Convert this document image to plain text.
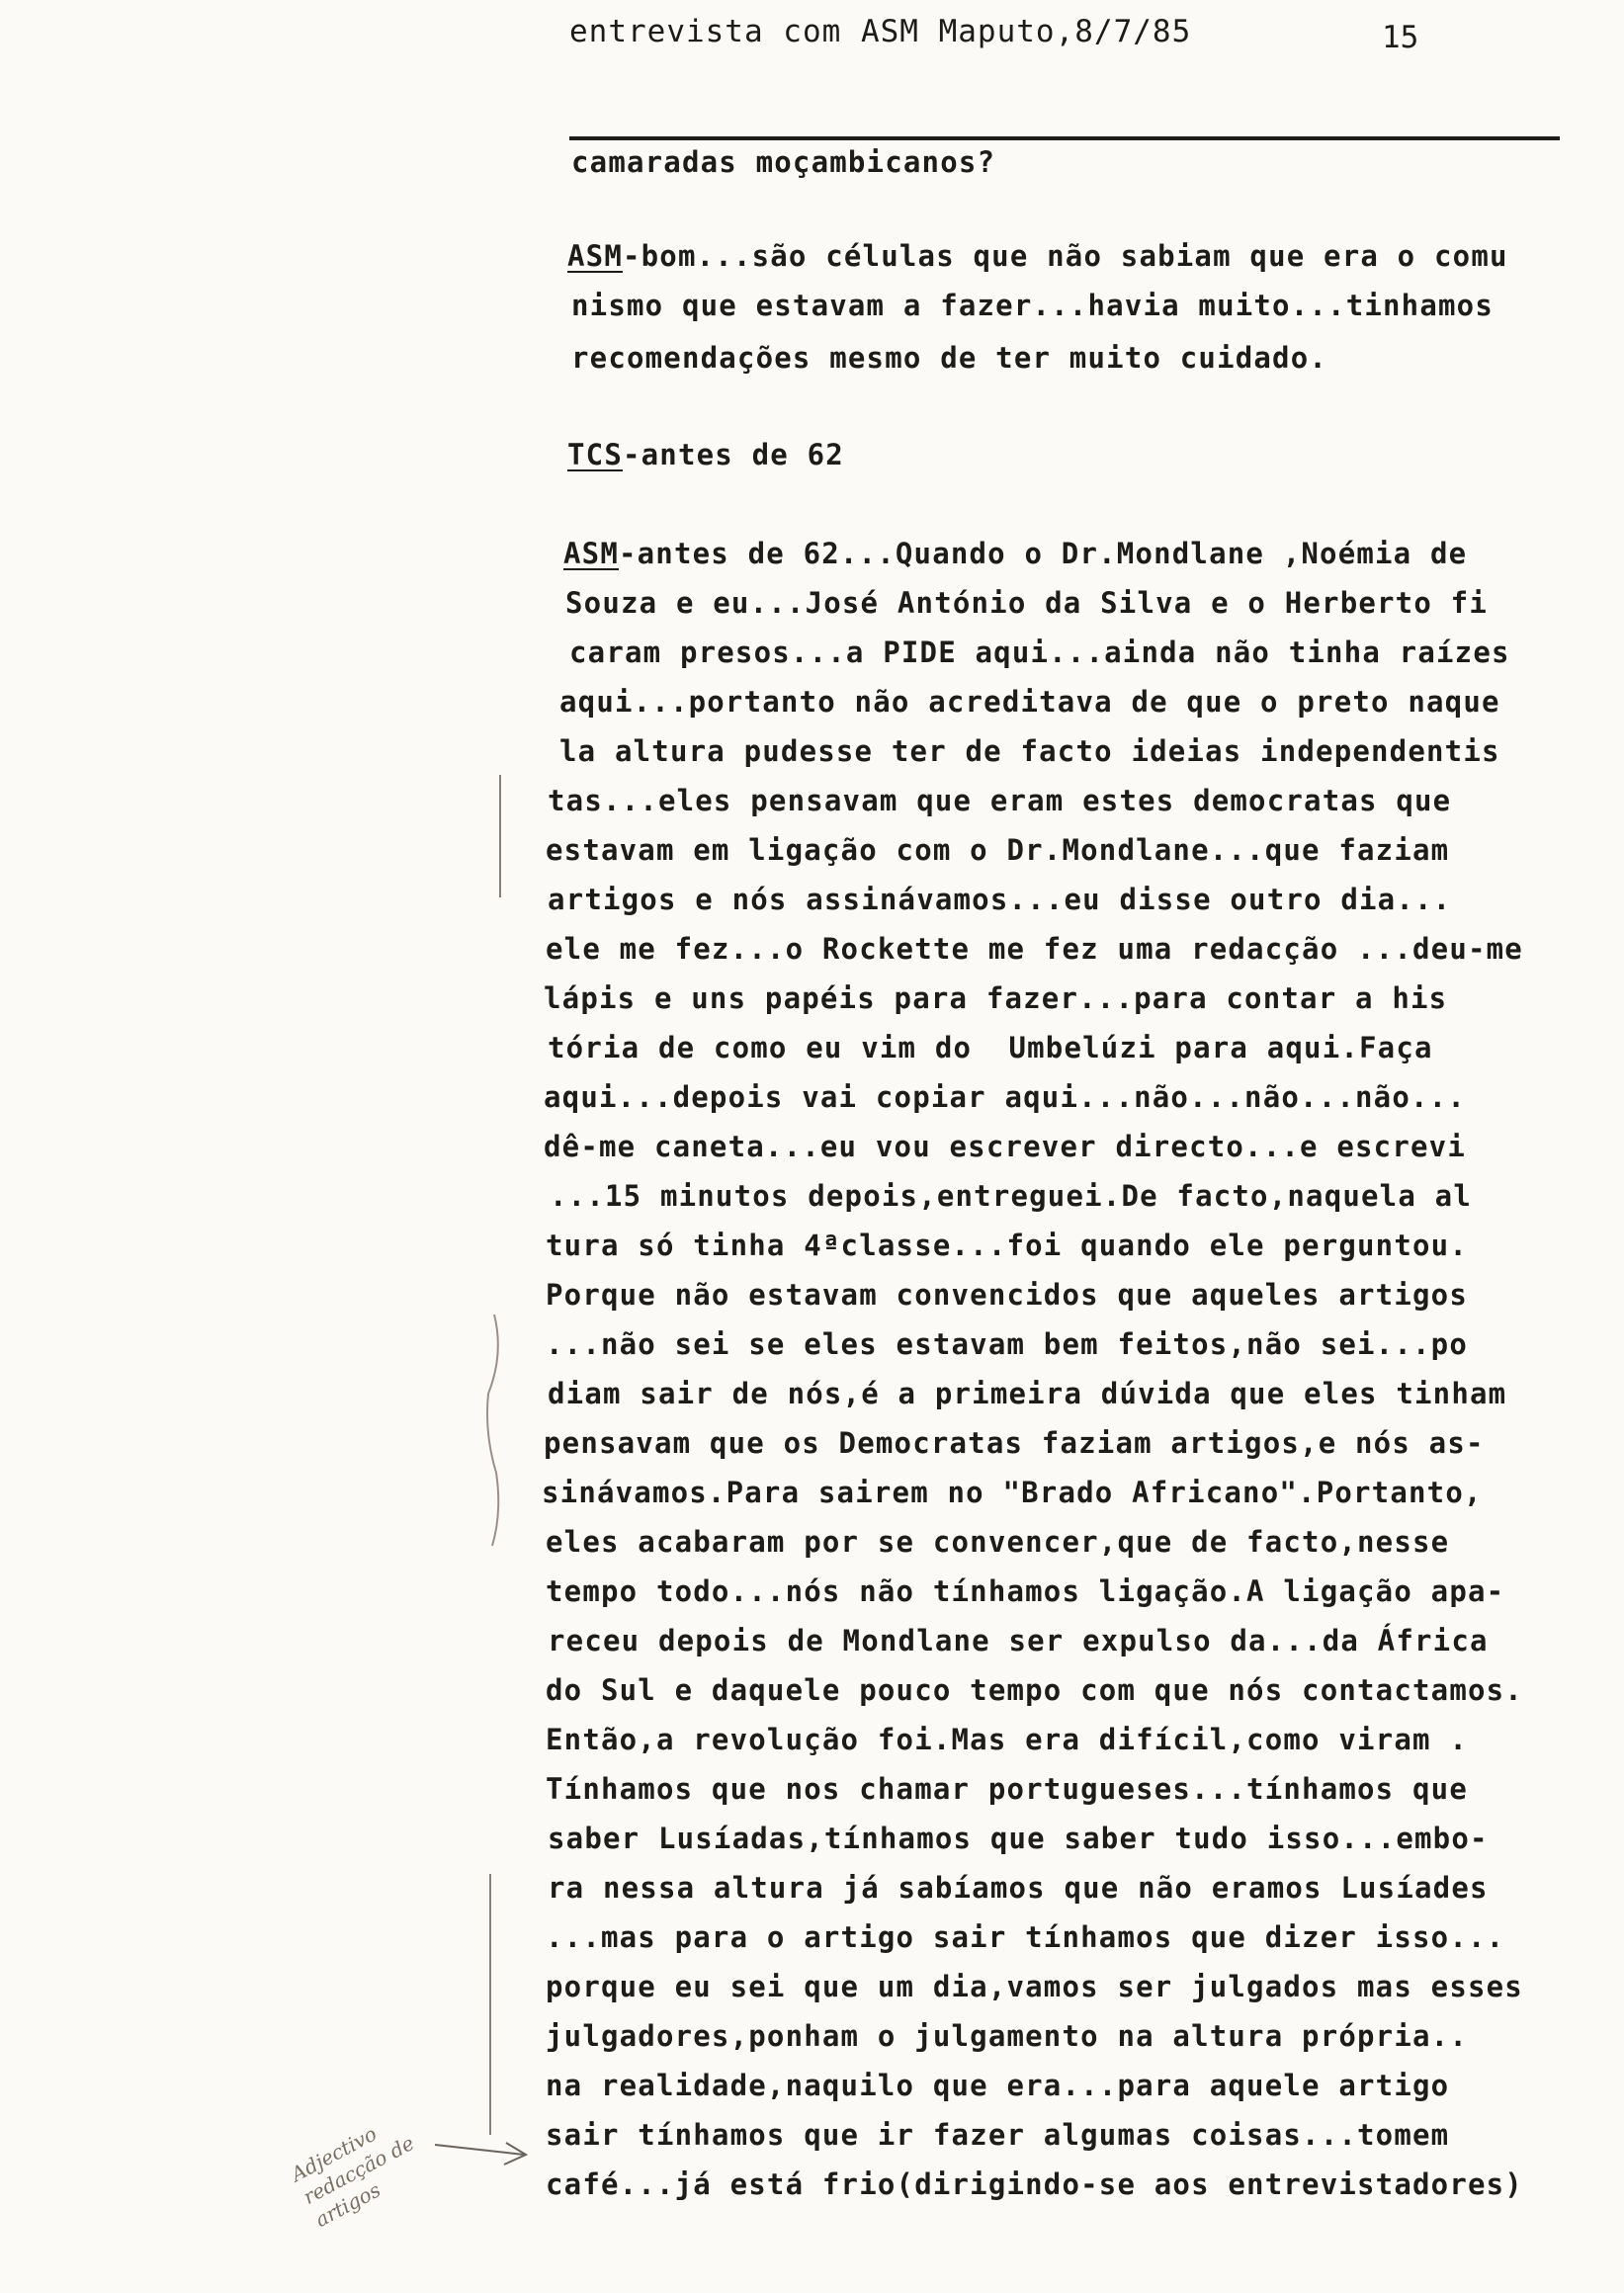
entrevista com ASM Maputo,8/7/85	15
camaradas moçambicanos?
ASM-bom...são células que não sabiam que era o comu
nismo que estavam a fazer...havia muito...tinhamos
recomendações mesmo de ter muito cuidado.
TCS-antes de 62
ASM-antes de 62...Quando o Dr.Mondlane ,Noémia de
Souza e eu...José António da Silva e o Herberto fi
caram presos...a PIDE aqui...ainda não tinha raízes
aqui...portanto não acreditava de que o preto naque
la altura pudesse ter de facto ideias independentis
tas...eles pensavam que eram estes democratas que
estavam em ligação com o Dr.Mondlane...que faziam
artigos e nós assinávamos...eu disse outro dia...
ele me fez...o Rockette me fez uma redacção ...deu-me
lápis e uns papéis para fazer...para contar a his
tória de como eu vim do  Umbelúzi para aqui.Faça
aqui...depois vai copiar aqui...não...não...não...
dê-me caneta...eu vou escrever directo...e escrevi
...15 minutos depois,entreguei.De facto,naquela al
tura só tinha 4ªclasse...foi quando ele perguntou.
Porque não estavam convencidos que aqueles artigos
...não sei se eles estavam bem feitos,não sei...po
diam sair de nós,é a primeira dúvida que eles tinham
pensavam que os Democratas faziam artigos,e nós as-
sinávamos.Para sairem no "Brado Africano".Portanto,
eles acabaram por se convencer,que de facto,nesse
tempo todo...nós não tínhamos ligação.A ligação apa-
receu depois de Mondlane ser expulso da...da África
do Sul e daquele pouco tempo com que nós contactamos.
Então,a revolução foi.Mas era difícil,como viram .
Tínhamos que nos chamar portugueses...tínhamos que
saber Lusíadas,tínhamos que saber tudo isso...embo-
ra nessa altura já sabíamos que não eramos Lusíades
...mas para o artigo sair tínhamos que dizer isso...
porque eu sei que um dia,vamos ser julgados mas esses
julgadores,ponham o julgamento na altura própria..
na realidade,naquilo que era...para aquele artigo
sair tínhamos que ir fazer algumas coisas...tomem
café...já está frio(dirigindo-se aos entrevistadores)
Adjectivo
redacção de
artigos
